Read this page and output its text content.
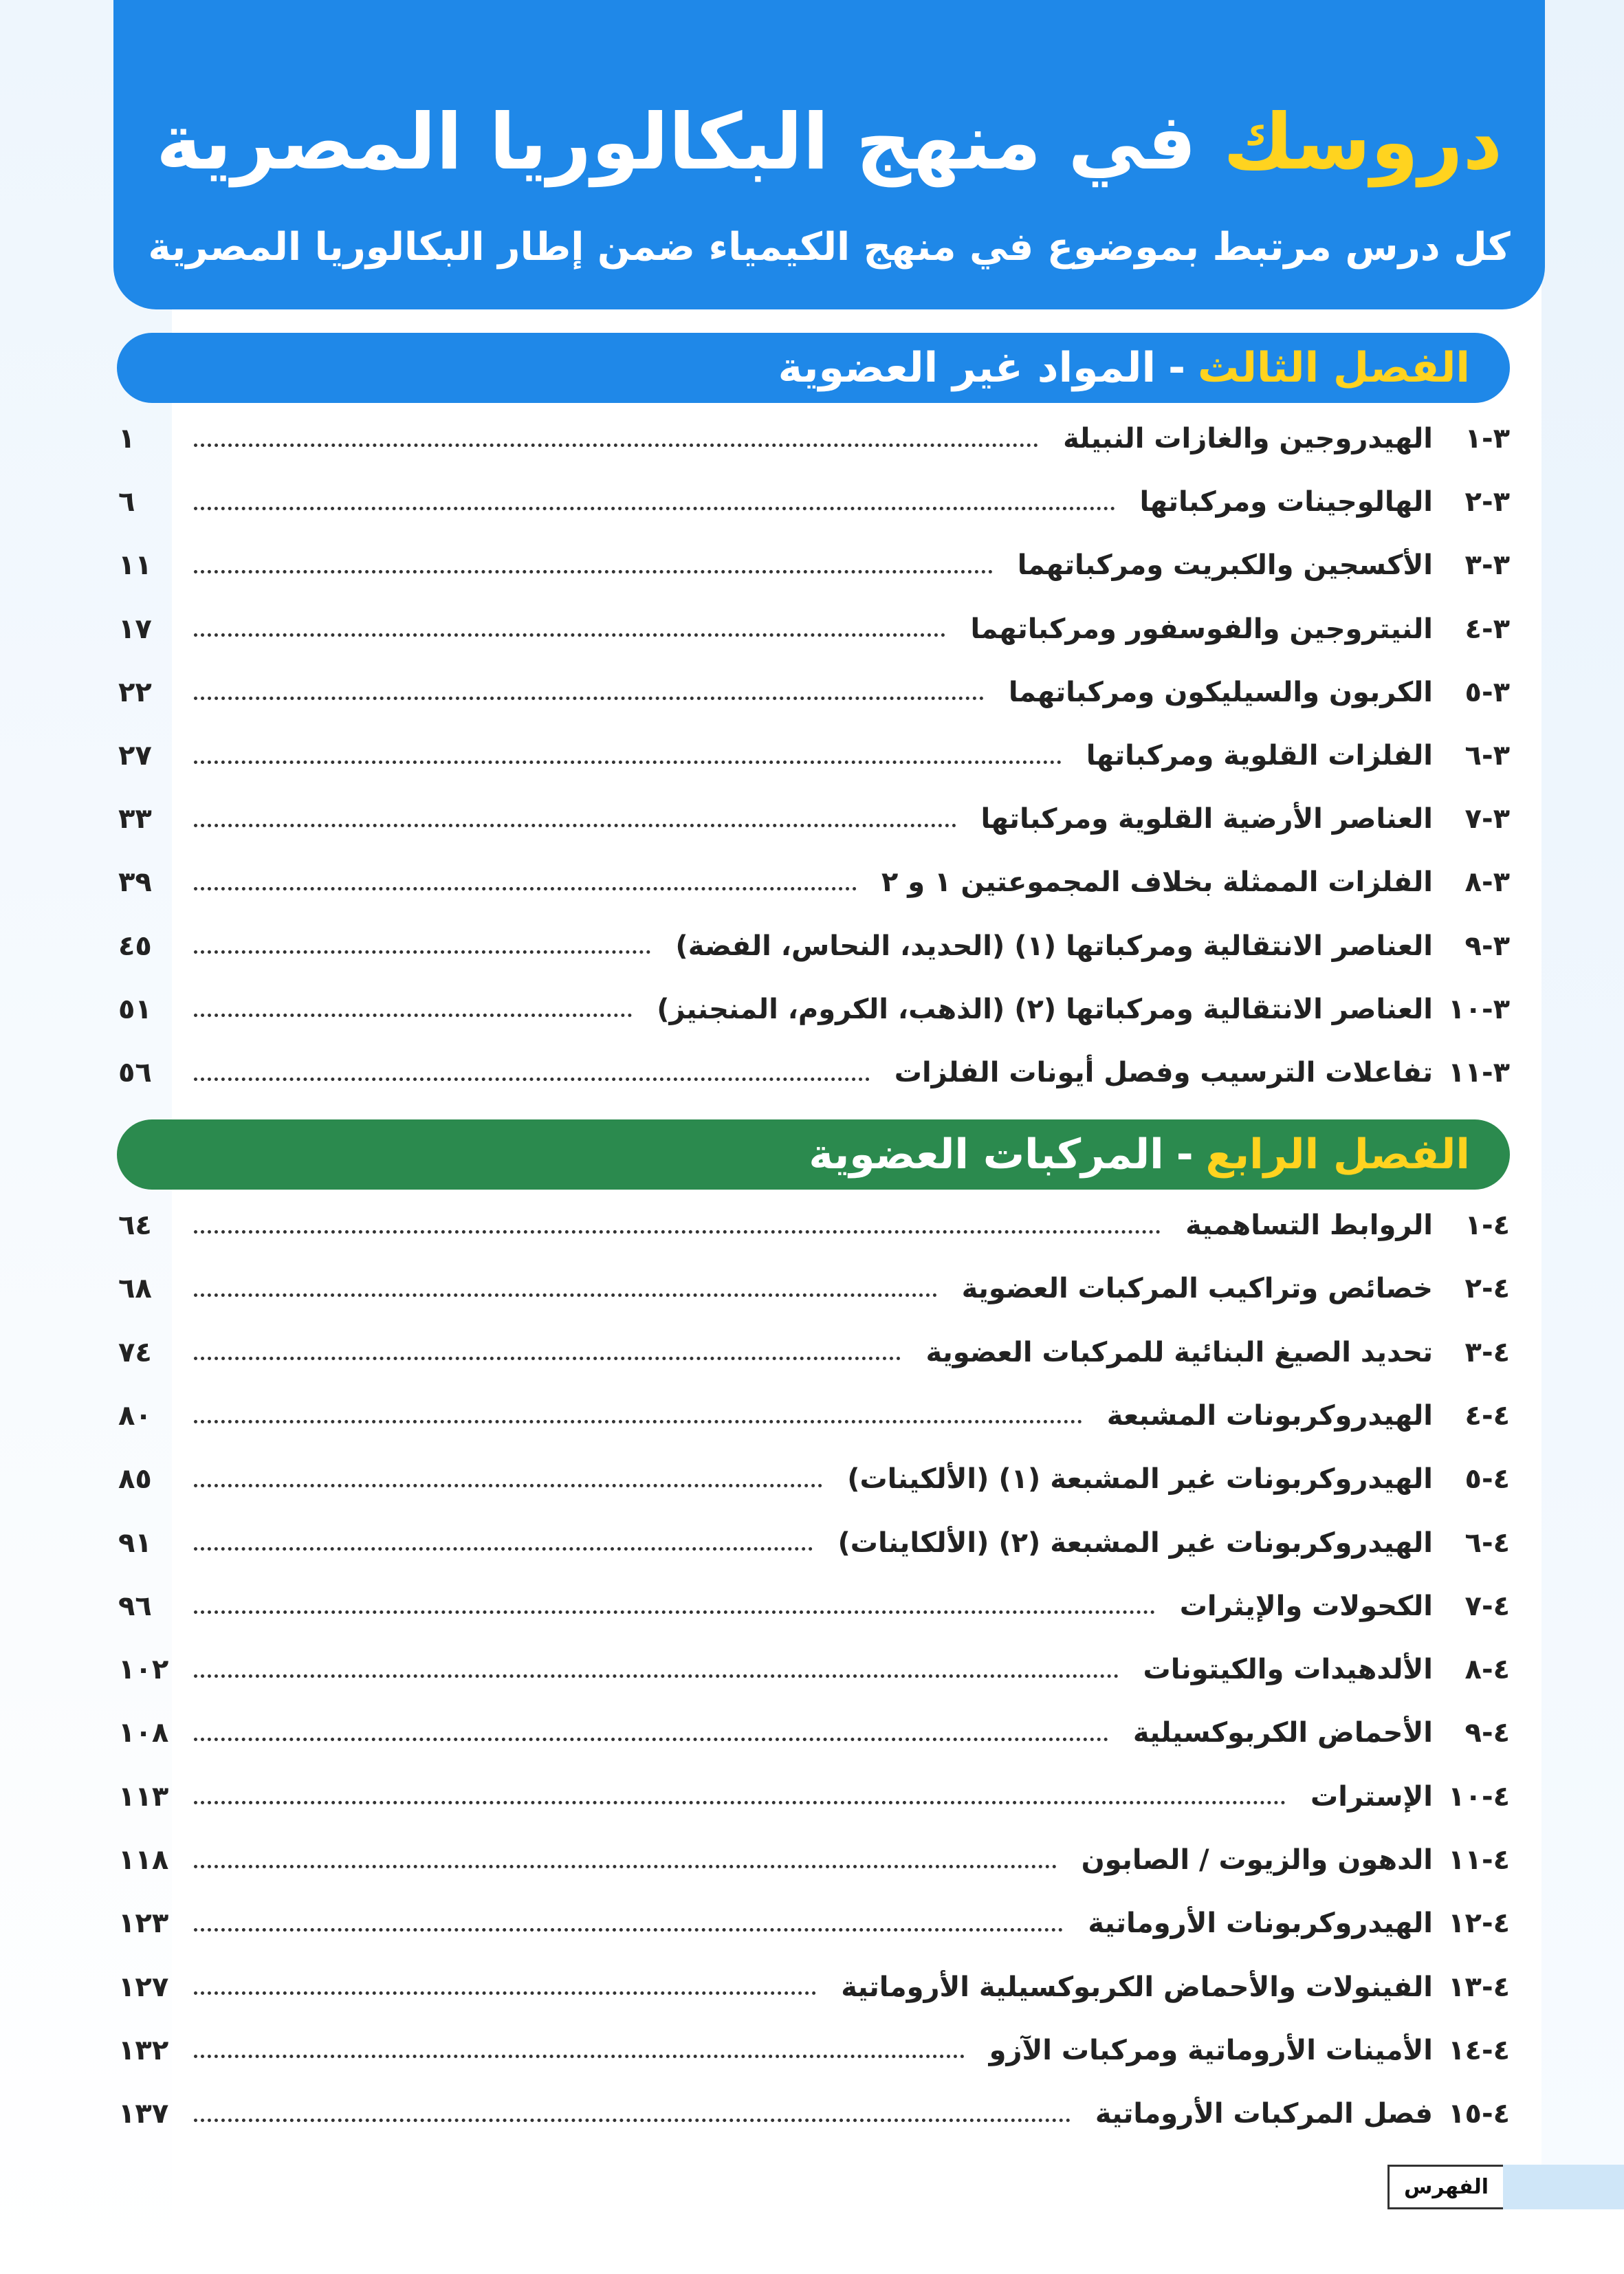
دروسك في منهج البكالوريا المصرية
كل درس مرتبط بموضوع في منهج الكيمياء ضمن إطار البكالوريا المصرية
الفصل الثالث
-
المواد غير العضوية
الفصل الرابع
-
المركبات العضوية
٣-١
الهيدروجين والغازات النبيلة
١
٣-٢
الهالوجينات ومركباتها
٦
٣-٣
الأكسجين والكبريت ومركباتهما
١١
٣-٤
النيتروجين والفوسفور ومركباتهما
١٧
٣-٥
الكربون والسيليكون ومركباتهما
٢٢
٣-٦
الفلزات القلوية ومركباتها
٢٧
٣-٧
العناصر الأرضية القلوية ومركباتها
٣٣
٣-٨
الفلزات الممثلة بخلاف المجموعتين ١ و ٢
٣٩
٣-٩
العناصر الانتقالية ومركباتها (١) (الحديد، النحاس، الفضة)
٤٥
٣-١٠
العناصر الانتقالية ومركباتها (٢) (الذهب، الكروم، المنجنيز)
٥١
٣-١١
تفاعلات الترسيب وفصل أيونات الفلزات
٥٦
٤-١
الروابط التساهمية
٦٤
٤-٢
خصائص وتراكيب المركبات العضوية
٦٨
٤-٣
تحديد الصيغ البنائية للمركبات العضوية
٧٤
٤-٤
الهيدروكربونات المشبعة
٨٠
٤-٥
الهيدروكربونات غير المشبعة (١) (الألكينات)
٨٥
٤-٦
الهيدروكربونات غير المشبعة (٢) (الألكاينات)
٩١
٤-٧
الكحولات والإيثرات
٩٦
٤-٨
الألدهيدات والكيتونات
١٠٢
٤-٩
الأحماض الكربوكسيلية
١٠٨
٤-١٠
الإسترات
١١٣
٤-١١
الدهون والزيوت / الصابون
١١٨
٤-١٢
الهيدروكربونات الأروماتية
١٢٣
٤-١٣
الفينولات والأحماض الكربوكسيلية الأروماتية
١٢٧
٤-١٤
الأمينات الأروماتية ومركبات الآزو
١٣٢
٤-١٥
فصل المركبات الأروماتية
١٣٧
الفهرس
